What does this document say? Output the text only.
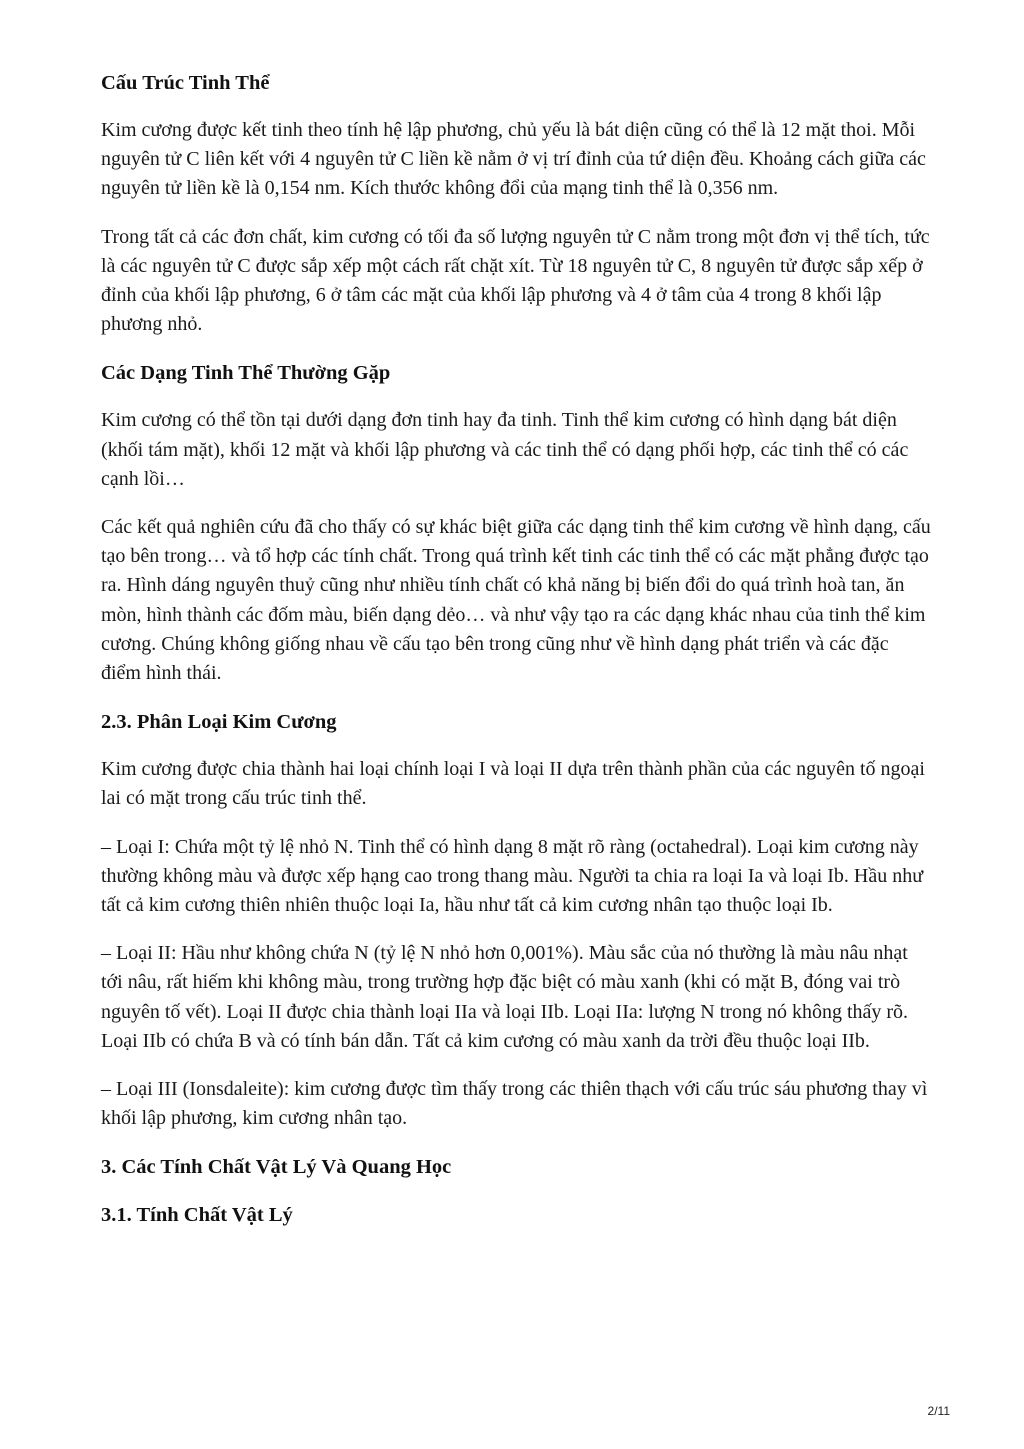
Cấu Trúc Tinh Thể

Kim cương được kết tinh theo tính hệ lập phương, chủ yếu là bát diện cũng có thể là 12 mặt thoi. Mỗi nguyên tử C liên kết với 4 nguyên tử C liền kề nằm ở vị trí đỉnh của tứ diện đều. Khoảng cách giữa các nguyên tử liền kề là 0,154 nm. Kích thước không đổi của mạng tinh thể là 0,356 nm.

Trong tất cả các đơn chất, kim cương có tối đa số lượng nguyên tử C nằm trong một đơn vị thể tích, tức là các nguyên tử C được sắp xếp một cách rất chặt xít. Từ 18 nguyên tử C, 8 nguyên tử được sắp xếp ở đỉnh của khối lập phương, 6 ở tâm các mặt của khối lập phương và 4 ở tâm của 4 trong 8 khối lập phương nhỏ.

Các Dạng Tinh Thể Thường Gặp

Kim cương có thể tồn tại dưới dạng đơn tinh hay đa tinh. Tinh thể kim cương có hình dạng bát diện (khối tám mặt), khối 12 mặt và khối lập phương và các tinh thể có dạng phối hợp, các tinh thể có các cạnh lồi…

Các kết quả nghiên cứu đã cho thấy có sự khác biệt giữa các dạng tinh thể kim cương về hình dạng, cấu tạo bên trong… và tổ hợp các tính chất. Trong quá trình kết tinh các tinh thể có các mặt phẳng được tạo ra. Hình dáng nguyên thuỷ cũng như nhiều tính chất có khả năng bị biến đổi do quá trình hoà tan, ăn mòn, hình thành các đốm màu, biến dạng dẻo… và như vậy tạo ra các dạng khác nhau của tinh thể kim cương. Chúng không giống nhau về cấu tạo bên trong cũng như về hình dạng phát triển và các đặc điểm hình thái.

2.3. Phân Loại Kim Cương

Kim cương được chia thành hai loại chính loại I và loại II dựa trên thành phần của các nguyên tố ngoại lai có mặt trong cấu trúc tinh thể.

– Loại I: Chứa một tỷ lệ nhỏ N. Tinh thể có hình dạng 8 mặt rõ ràng (octahedral). Loại kim cương này thường không màu và được xếp hạng cao trong thang màu. Người ta chia ra loại Ia và loại Ib. Hầu như tất cả kim cương thiên nhiên thuộc loại Ia, hầu như tất cả kim cương nhân tạo thuộc loại Ib.

– Loại II: Hầu như không chứa N (tỷ lệ N nhỏ hơn 0,001%). Màu sắc của nó thường là màu nâu nhạt tới nâu, rất hiếm khi không màu, trong trường hợp đặc biệt có màu xanh (khi có mặt B, đóng vai trò nguyên tố vết). Loại II được chia thành loại IIa và loại IIb. Loại IIa: lượng N trong nó không thấy rõ. Loại IIb có chứa B và có tính bán dẫn. Tất cả kim cương có màu xanh da trời đều thuộc loại IIb.

– Loại III (Ionsdaleite): kim cương được tìm thấy trong các thiên thạch với cấu trúc sáu phương thay vì khối lập phương, kim cương nhân tạo.

3. Các Tính Chất Vật Lý Và Quang Học
3.1. Tính Chất Vật Lý
2/11
